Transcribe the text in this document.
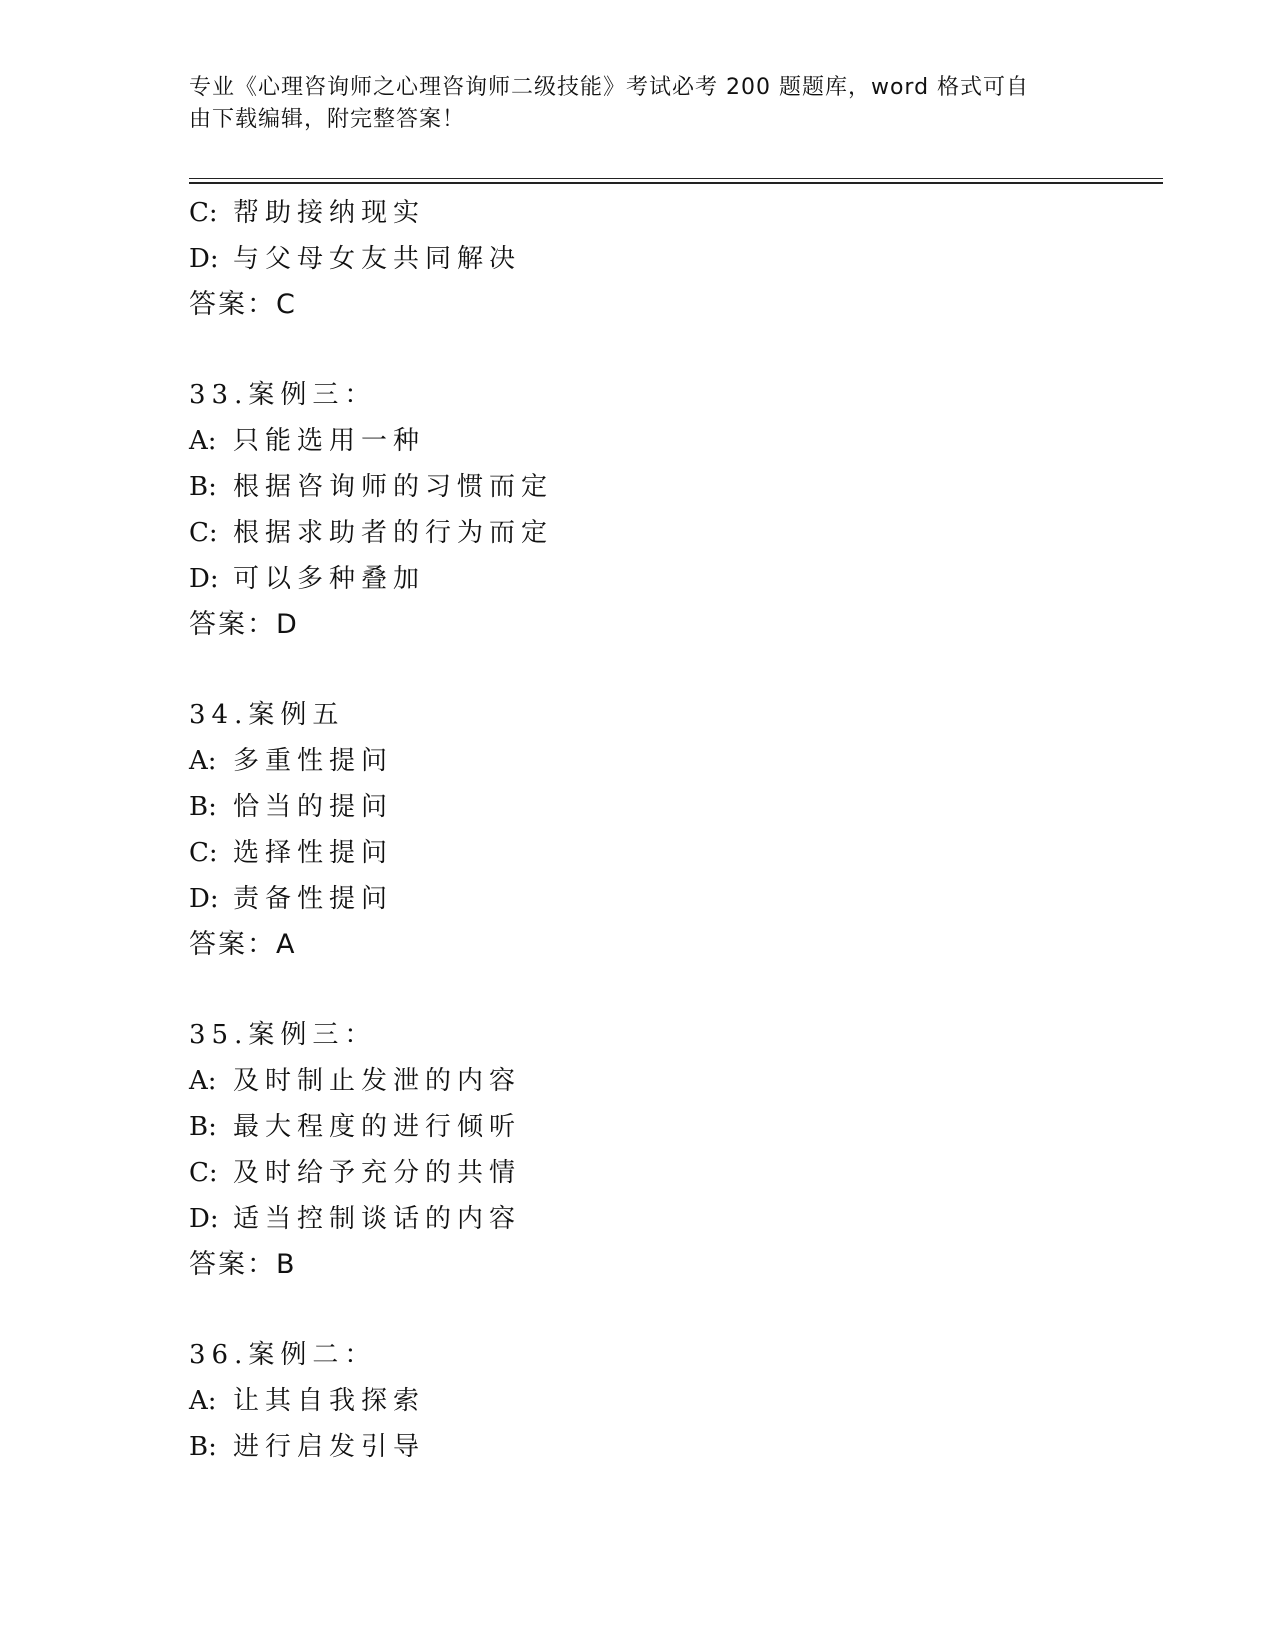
专业《心理咨询师之心理咨询师二级技能》考试必考 200 题题库，word 格式可自
由下载编辑，附完整答案！
C: 帮助接纳现实
D: 与父母女友共同解决
答案：C
33.案例三：
A: 只能选用一种
B: 根据咨询师的习惯而定
C: 根据求助者的行为而定
D: 可以多种叠加
答案：D
34.案例五
A: 多重性提问
B: 恰当的提问
C: 选择性提问
D: 责备性提问
答案：A
35.案例三：
A: 及时制止发泄的内容
B: 最大程度的进行倾听
C: 及时给予充分的共情
D: 适当控制谈话的内容
答案：B
36.案例二：
A: 让其自我探索
B: 进行启发引导
